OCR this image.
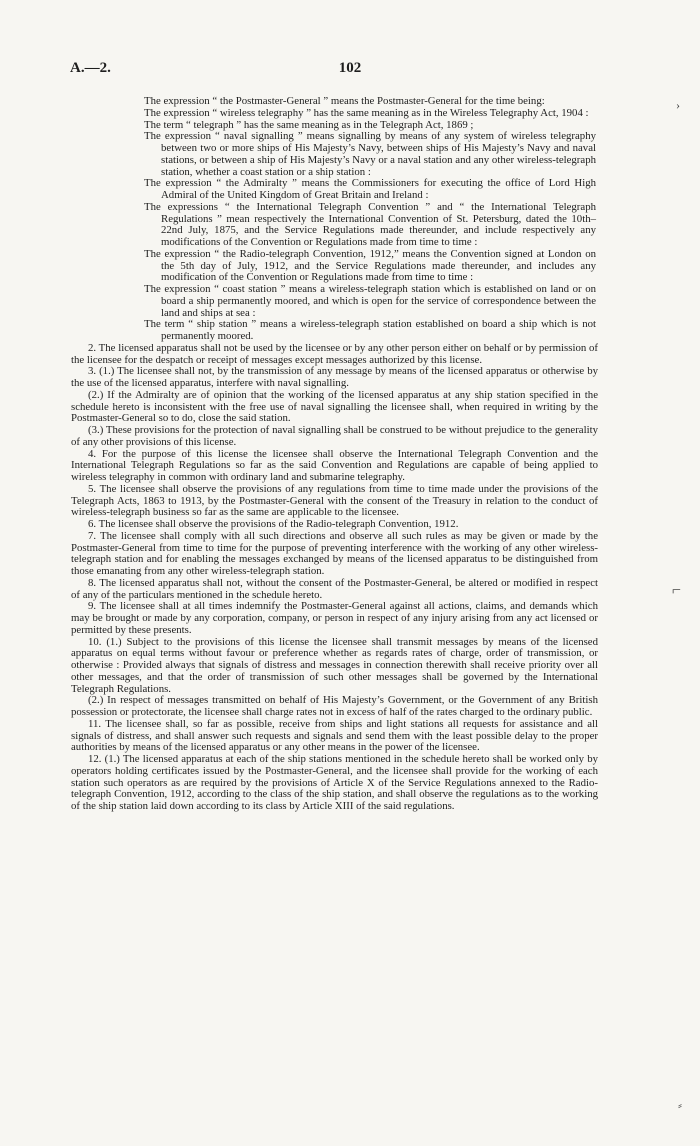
A.—2.	102

The expression “ the Postmaster-General ” means the Postmaster-General for the time being:

The expression “ wireless telegraphy ” has the same meaning as in the Wireless Telegraphy Act, 1904 :

The term “ telegraph ” has the same meaning as in the Telegraph Act, 1869 ;

The expression “ naval signalling ” means signalling by means of any system of wireless telegraphy between two or more ships of His Majesty’s Navy, between ships of His Majesty’s Navy and naval stations, or between a ship of His Majesty’s Navy or a naval station and any other wireless-telegraph station, whether a coast station or a ship station :

The expression “ the Admiralty ” means the Commissioners for executing the office of Lord High Admiral of the United Kingdom of Great Britain and Ireland :

The expressions “ the International Telegraph Convention ” and “ the International Telegraph Regulations ” mean respectively the International Convention of St. Petersburg, dated the 10th–22nd July, 1875, and the Service Regulations made thereunder, and include respectively any modifications of the Convention or Regulations made from time to time :

The expression “ the Radio-telegraph Convention, 1912,” means the Convention signed at London on the 5th day of July, 1912, and the Service Regulations made thereunder, and includes any modification of the Convention or Regulations made from time to time :

The expression “ coast station ” means a wireless-telegraph station which is established on land or on board a ship permanently moored, and which is open for the service of correspondence between the land and ships at sea :

The term “ ship station ” means a wireless-telegraph station established on board a ship which is not permanently moored.

2. The licensed apparatus shall not be used by the licensee or by any other person either on behalf or by permission of the licensee for the despatch or receipt of messages except messages authorized by this license.

3. (1.) The licensee shall not, by the transmission of any message by means of the licensed apparatus or otherwise by the use of the licensed apparatus, interfere with naval signalling.

(2.) If the Admiralty are of opinion that the working of the licensed apparatus at any ship station specified in the schedule hereto is inconsistent with the free use of naval signalling the licensee shall, when required in writing by the Postmaster-General so to do, close the said station.

(3.) These provisions for the protection of naval signalling shall be construed to be without prejudice to the generality of any other provisions of this license.

4. For the purpose of this license the licensee shall observe the International Telegraph Convention and the International Telegraph Regulations so far as the said Convention and Regulations are capable of being applied to wireless telegraphy in common with ordinary land and submarine telegraphy.

5. The licensee shall observe the provisions of any regulations from time to time made under the provisions of the Telegraph Acts, 1863 to 1913, by the Postmaster-General with the consent of the Treasury in relation to the conduct of wireless-telegraph business so far as the same are applicable to the licensee.

6. The licensee shall observe the provisions of the Radio-telegraph Convention, 1912.

7. The licensee shall comply with all such directions and observe all such rules as may be given or made by the Postmaster-General from time to time for the purpose of preventing interference with the working of any other wireless-telegraph station and for enabling the messages exchanged by means of the licensed apparatus to be distinguished from those emanating from any other wireless-telegraph station.

8. The licensed apparatus shall not, without the consent of the Postmaster-General, be altered or modified in respect of any of the particulars mentioned in the schedule hereto.

9. The licensee shall at all times indemnify the Postmaster-General against all actions, claims, and demands which may be brought or made by any corporation, company, or person in respect of any injury arising from any act licensed or permitted by these presents.

10. (1.) Subject to the provisions of this license the licensee shall transmit messages by means of the licensed apparatus on equal terms without favour or preference whether as regards rates of charge, order of transmission, or otherwise : Provided always that signals of distress and messages in connection therewith shall receive priority over all other messages, and that the order of transmission of such other messages shall be governed by the International Telegraph Regulations.

(2.) In respect of messages transmitted on behalf of His Majesty’s Government, or the Government of any British possession or protectorate, the licensee shall charge rates not in excess of half of the rates charged to the ordinary public.

11. The licensee shall, so far as possible, receive from ships and light stations all requests for assistance and all signals of distress, and shall answer such requests and signals and send them with the least possible delay to the proper authorities by means of the licensed apparatus or any other means in the power of the licensee.

12. (1.) The licensed apparatus at each of the ship stations mentioned in the schedule hereto shall be worked only by operators holding certificates issued by the Postmaster-General, and the licensee shall provide for the working of each station such operators as are required by the provisions of Article X of the Service Regulations annexed to the Radio-telegraph Convention, 1912, according to the class of the ship station, and shall observe the regulations as to the working of the ship station laid down according to its class by Article XIII of the said regulations.

›
⌐
⸗
